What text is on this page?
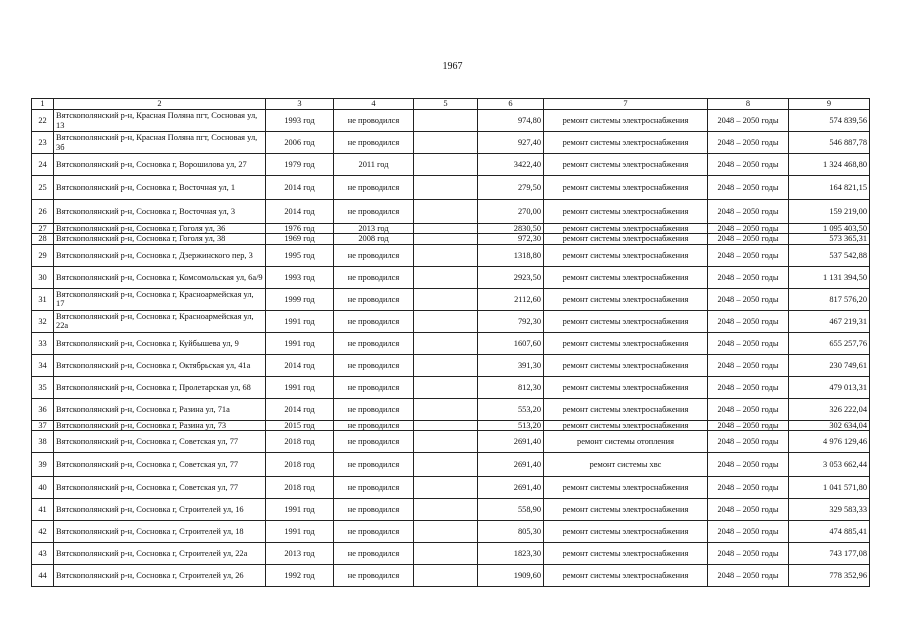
1967
1	2	3	4	5	6	7	8	9
22	Вятскополянский р-н, Красная Поляна пгт, Сосновая ул, 13	1993 год	не проводился		974,80	ремонт системы электроснабжения	2048 – 2050 годы	574 839,56
23	Вятскополянский р-н, Красная Поляна пгт, Сосновая ул, 3б	2006 год	не проводился		927,40	ремонт системы электроснабжения	2048 – 2050 годы	546 887,78
24	Вятскополянский р-н, Сосновка г, Ворошилова ул, 27	1979 год	2011 год		3422,40	ремонт системы электроснабжения	2048 – 2050 годы	1 324 468,80
25	Вятскополянский р-н, Сосновка г, Восточная ул, 1	2014 год	не проводился		279,50	ремонт системы электроснабжения	2048 – 2050 годы	164 821,15
26	Вятскополянский р-н, Сосновка г, Восточная ул, 3	2014 год	не проводился		270,00	ремонт системы электроснабжения	2048 – 2050 годы	159 219,00
27	Вятскополянский р-н, Сосновка г, Гоголя ул, 36	1976 год	2013 год		2830,50	ремонт системы электроснабжения	2048 – 2050 годы	1 095 403,50
28	Вятскополянский р-н, Сосновка г, Гоголя ул, 38	1969 год	2008 год		972,30	ремонт системы электроснабжения	2048 – 2050 годы	573 365,31
29	Вятскополянский р-н, Сосновка г, Дзержинского пер, 3	1995 год	не проводился		1318,80	ремонт системы электроснабжения	2048 – 2050 годы	537 542,88
30	Вятскополянский р-н, Сосновка г, Комсомольская ул, 6а/9	1993 год	не проводился		2923,50	ремонт системы электроснабжения	2048 – 2050 годы	1 131 394,50
31	Вятскополянский р-н, Сосновка г, Красноармейская ул, 17	1999 год	не проводился		2112,60	ремонт системы электроснабжения	2048 – 2050 годы	817 576,20
32	Вятскополянский р-н, Сосновка г, Красноармейская ул, 22а	1991 год	не проводился		792,30	ремонт системы электроснабжения	2048 – 2050 годы	467 219,31
33	Вятскополянский р-н, Сосновка г, Куйбышева ул, 9	1991 год	не проводился		1607,60	ремонт системы электроснабжения	2048 – 2050 годы	655 257,76
34	Вятскополянский р-н, Сосновка г, Октябрьская ул, 41а	2014 год	не проводился		391,30	ремонт системы электроснабжения	2048 – 2050 годы	230 749,61
35	Вятскополянский р-н, Сосновка г, Пролетарская ул, 68	1991 год	не проводился		812,30	ремонт системы электроснабжения	2048 – 2050 годы	479 013,31
36	Вятскополянский р-н, Сосновка г, Разина ул, 71а	2014 год	не проводился		553,20	ремонт системы электроснабжения	2048 – 2050 годы	326 222,04
37	Вятскополянский р-н, Сосновка г, Разина ул, 73	2015 год	не проводился		513,20	ремонт системы электроснабжения	2048 – 2050 годы	302 634,04
38	Вятскополянский р-н, Сосновка г, Советская ул, 77	2018 год	не проводился		2691,40	ремонт системы отопления	2048 – 2050 годы	4 976 129,46
39	Вятскополянский р-н, Сосновка г, Советская ул, 77	2018 год	не проводился		2691,40	ремонт системы хвс	2048 – 2050 годы	3 053 662,44
40	Вятскополянский р-н, Сосновка г, Советская ул, 77	2018 год	не проводился		2691,40	ремонт системы электроснабжения	2048 – 2050 годы	1 041 571,80
41	Вятскополянский р-н, Сосновка г, Строителей ул, 16	1991 год	не проводился		558,90	ремонт системы электроснабжения	2048 – 2050 годы	329 583,33
42	Вятскополянский р-н, Сосновка г, Строителей ул, 18	1991 год	не проводился		805,30	ремонт системы электроснабжения	2048 – 2050 годы	474 885,41
43	Вятскополянский р-н, Сосновка г, Строителей ул, 22а	2013 год	не проводился		1823,30	ремонт системы электроснабжения	2048 – 2050 годы	743 177,08
44	Вятскополянский р-н, Сосновка г, Строителей ул, 26	1992 год	не проводился		1909,60	ремонт системы электроснабжения	2048 – 2050 годы	778 352,96
